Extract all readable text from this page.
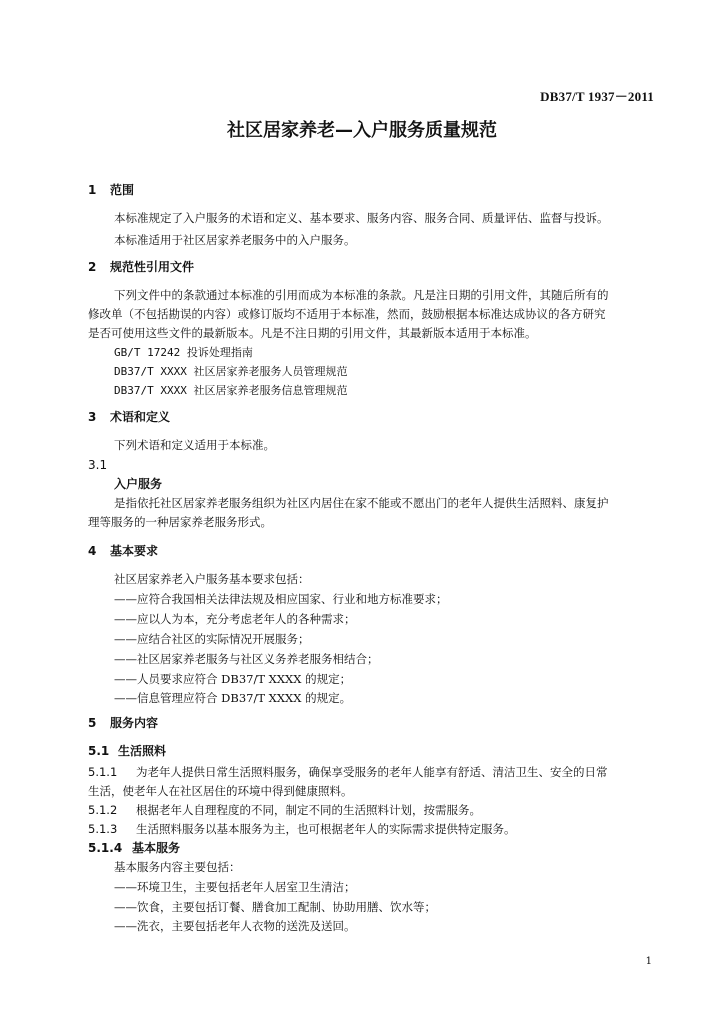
DB37/T 1937－2011
社区居家养老—入户服务质量规范
1 范围
本标准规定了入户服务的术语和定义、基本要求、服务内容、服务合同、质量评估、监督与投诉。
本标准适用于社区居家养老服务中的入户服务。
2 规范性引用文件
下列文件中的条款通过本标准的引用而成为本标准的条款。凡是注日期的引用文件，其随后所有的
修改单（不包括勘误的内容）或修订版均不适用于本标准，然而，鼓励根据本标准达成协议的各方研究
是否可使用这些文件的最新版本。凡是不注日期的引用文件，其最新版本适用于本标准。
GB/T 17242 投诉处理指南
DB37/T XXXX 社区居家养老服务人员管理规范
DB37/T XXXX 社区居家养老服务信息管理规范
3 术语和定义
下列术语和定义适用于本标准。
3.1
入户服务
是指依托社区居家养老服务组织为社区内居住在家不能或不愿出门的老年人提供生活照料、康复护
理等服务的一种居家养老服务形式。
4 基本要求
社区居家养老入户服务基本要求包括：
——应符合我国相关法律法规及相应国家、行业和地方标准要求；
——应以人为本，充分考虑老年人的各种需求；
——应结合社区的实际情况开展服务；
——社区居家养老服务与社区义务养老服务相结合；
——人员要求应符合 DB37/T XXXX 的规定；
——信息管理应符合 DB37/T XXXX 的规定。
5 服务内容
5.1 生活照料
5.1.1 为老年人提供日常生活照料服务，确保享受服务的老年人能享有舒适、清洁卫生、安全的日常
生活，使老年人在社区居住的环境中得到健康照料。
5.1.2 根据老年人自理程度的不同，制定不同的生活照料计划，按需服务。
5.1.3 生活照料服务以基本服务为主，也可根据老年人的实际需求提供特定服务。
5.1.4 基本服务
基本服务内容主要包括：
——环境卫生，主要包括老年人居室卫生清洁；
——饮食，主要包括订餐、膳食加工配制、协助用膳、饮水等；
——洗衣，主要包括老年人衣物的送洗及送回。
1
